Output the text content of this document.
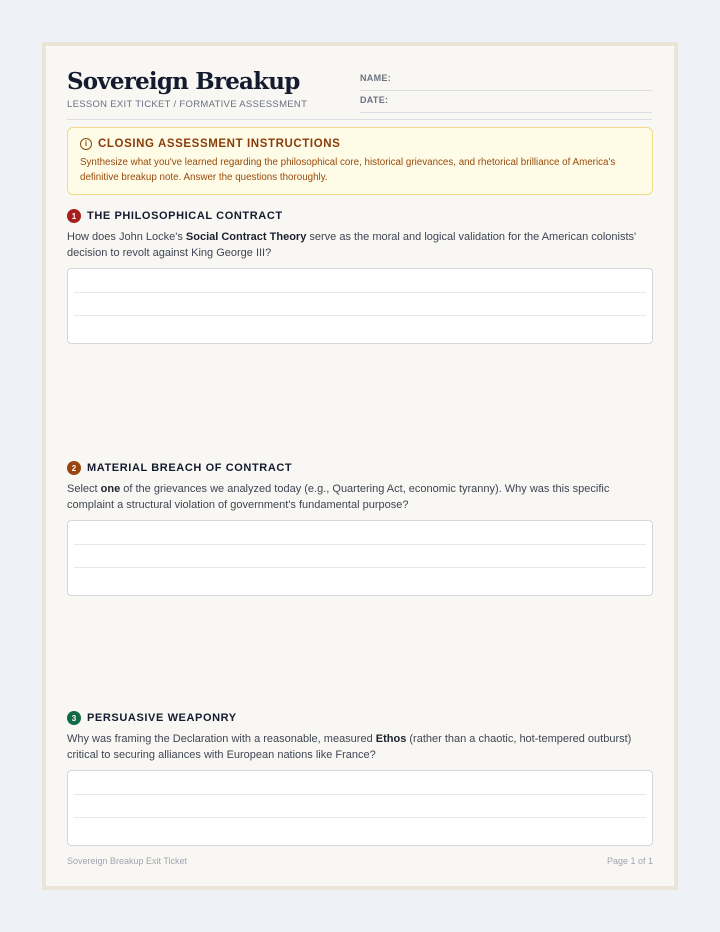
Sovereign Breakup
LESSON EXIT TICKET / FORMATIVE ASSESSMENT
NAME:
DATE:
i CLOSING ASSESSMENT INSTRUCTIONS
Synthesize what you've learned regarding the philosophical core, historical grievances, and rhetorical brilliance of America's definitive breakup note. Answer the questions thoroughly.
1 THE PHILOSOPHICAL CONTRACT
How does John Locke's Social Contract Theory serve as the moral and logical validation for the American colonists' decision to revolt against King George III?
2 MATERIAL BREACH OF CONTRACT
Select one of the grievances we analyzed today (e.g., Quartering Act, economic tyranny). Why was this specific complaint a structural violation of government's fundamental purpose?
3 PERSUASIVE WEAPONRY
Why was framing the Declaration with a reasonable, measured Ethos (rather than a chaotic, hot-tempered outburst) critical to securing alliances with European nations like France?
Sovereign Breakup Exit Ticket	Page 1 of 1
